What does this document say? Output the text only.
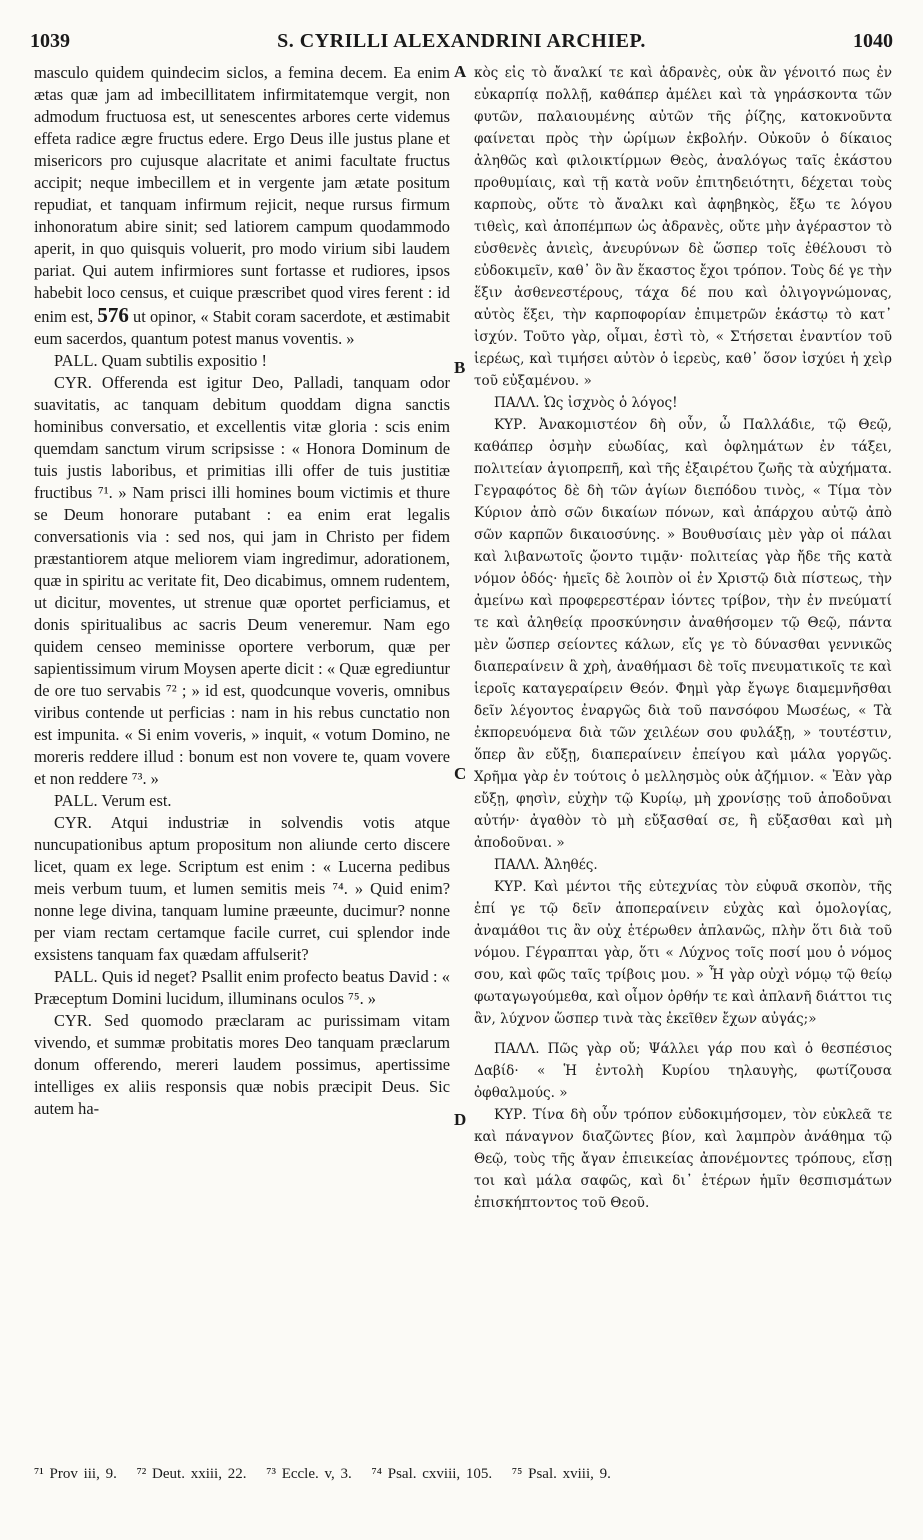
1039	S. CYRILLI ALEXANDRINI ARCHIEP.	1040

masculo quidem quindecim siclos, a femina decem. Ea enim ætas quæ jam ad imbecillitatem infirmitatemque vergit, non admodum fructuosa est, ut senescentes arbores certe videmus effeta radice ægre fructus edere. Ergo Deus ille justus plane et misericors pro cujusque alacritate et animi facultate fructus accipit; neque imbecillem et in vergente jam ætate positum repudiat, et tanquam infirmum rejicit, neque rursus firmum inhonoratum abire sinit; sed latiorem campum quodammodo aperit, in quo quisquis voluerit, pro modo virium sibi laudem pariat. Qui autem infirmiores sunt fortasse et rudiores, ipsos habebit loco census, et cuique præscribet quod vires ferent : id enim est, 576 ut opinor, « Stabit coram sacerdote, et æstimabit eum sacerdos, quantum potest manus voventis. »

PALL. Quam subtilis expositio !

CYR. Offerenda est igitur Deo, Palladi, tanquam odor suavitatis, ac tanquam debitum quoddam digna sanctis hominibus conversatio, et excellentis vitæ gloria : scis enim quemdam sanctum virum scripsisse : « Honora Dominum de tuis justis laboribus, et primitias illi offer de tuis justitiæ fructibus ⁷¹. » Nam prisci illi homines boum victimis et thure se Deum honorare putabant : ea enim erat legalis conversationis via : sed nos, qui jam in Christo per fidem præstantiorem atque meliorem viam ingredimur, adorationem, quæ in spiritu ac veritate fit, Deo dicabimus, omnem rudentem, ut dicitur, moventes, ut strenue quæ oportet perficiamus, et donis spiritualibus ac sacris Deum veneremur. Nam ego quidem censeo meminisse oportere verborum, quæ per sapientissimum virum Moysen aperte dicit : « Quæ egrediuntur de ore tuo servabis ⁷² ; » id est, quodcunque voveris, omnibus viribus contende ut perficias : nam in his rebus cunctatio non est impunita. « Si enim voveris, » inquit, « votum Domino, ne moreris reddere illud : bonum est non vovere te, quam vovere et non reddere ⁷³. »

PALL. Verum est.

CYR. Atqui industriæ in solvendis votis atque nuncupationibus aptum propositum non aliunde certo discere licet, quam ex lege. Scriptum est enim : « Lucerna pedibus meis verbum tuum, et lumen semitis meis ⁷⁴. » Quid enim? nonne lege divina, tanquam lumine præeunte, ducimur? nonne per viam rectam certamque facile curret, cui splendor inde exsistens tanquam fax quædam affulserit?

PALL. Quis id neget? Psallit enim profecto beatus David : « Præceptum Domini lucidum, illuminans oculos ⁷⁵. »

CYR. Sed quomodo præclaram ac purissimam vitam vivendo, et summæ probitatis mores Deo tanquam præclarum donum offerendo, mereri laudem possimus, apertissime intelliges ex aliis responsis quæ nobis præcipit Deus. Sic autem ha-

A
B
C
D

κὸς εἰς τὸ ἄναλκί τε καὶ ἀδρανὲς, οὐκ ἂν γένοιτό πως ἐν εὐκαρπίᾳ πολλῇ, καθάπερ ἀμέλει καὶ τὰ γηράσκοντα τῶν φυτῶν, παλαιουμένης αὐτῶν τῆς ῥίζης, κατοκνοῦντα φαίνεται πρὸς τὴν ὡρίμων ἐκβολήν. Οὐκοῦν ὁ δίκαιος ἀληθῶς καὶ φιλοικτίρμων Θεὸς, ἀναλόγως ταῖς ἑκάστου προθυμίαις, καὶ τῇ κατὰ νοῦν ἐπιτηδειότητι, δέχεται τοὺς καρποὺς, οὔτε τὸ ἄναλκι καὶ ἀφηβηκὸς, ἔξω τε λόγου τιθεὶς, καὶ ἀποπέμπων ὡς ἀδρανὲς, οὔτε μὴν ἀγέραστον τὸ εὐσθενὲς ἀνιεὶς, ἀνευρύνων δὲ ὥσπερ τοῖς ἐθέλουσι τὸ εὐδοκιμεῖν, καθ᾽ ὃν ἂν ἕκαστος ἔχοι τρόπον. Τοὺς δέ γε τὴν ἕξιν ἀσθενεστέρους, τάχα δέ που καὶ ὀλιγογνώμονας, αὐτὸς ἕξει, τὴν καρποφορίαν ἐπιμετρῶν ἑκάστῳ τὸ κατ᾽ ἰσχύν. Τοῦτο γὰρ, οἶμαι, ἐστὶ τὸ, « Στήσεται ἐναντίον τοῦ ἱερέως, καὶ τιμήσει αὐτὸν ὁ ἱερεὺς, καθ᾽ ὅσον ἰσχύει ἡ χεὶρ τοῦ εὐξαμένου. »

ΠΑΛΛ. Ὡς ἰσχνὸς ὁ λόγος!

ΚΥΡ. Ἀνακομιστέον δὴ οὖν, ὦ Παλλάδιε, τῷ Θεῷ, καθάπερ ὀσμὴν εὐωδίας, καὶ ὀφλημάτων ἐν τάξει, πολιτείαν ἁγιοπρεπῆ, καὶ τῆς ἐξαιρέτου ζωῆς τὰ αὐχήματα. Γεγραφότος δὲ δὴ τῶν ἁγίων διεπόδου τινὸς, « Τίμα τὸν Κύριον ἀπὸ σῶν δικαίων πόνων, καὶ ἀπάρχου αὐτῷ ἀπὸ σῶν καρπῶν δικαιοσύνης. » Βουθυσίαις μὲν γὰρ οἱ πάλαι καὶ λιβανωτοῖς ᾤοντο τιμᾷν· πολιτείας γὰρ ἤδε τῆς κατὰ νόμον ὁδός· ἡμεῖς δὲ λοιπὸν οἱ ἐν Χριστῷ διὰ πίστεως, τὴν ἀμείνω καὶ προφερεστέραν ἰόντες τρίβον, τὴν ἐν πνεύματί τε καὶ ἀληθείᾳ προσκύνησιν ἀναθήσομεν τῷ Θεῷ, πάντα μὲν ὥσπερ σείοντες κάλων, εἴς γε τὸ δύνασθαι γεννικῶς διαπεραίνειν ἃ χρὴ, ἀναθήμασι δὲ τοῖς πνευματικοῖς τε καὶ ἱεροῖς καταγεραίρειν Θεόν. Φημὶ γὰρ ἔγωγε διαμεμνῆσθαι δεῖν λέγοντος ἐναργῶς διὰ τοῦ πανσόφου Μωσέως, « Τὰ ἐκπορευόμενα διὰ τῶν χειλέων σου φυλάξῃ, » τουτέστιν, ὅπερ ἂν εὔξῃ, διαπεραίνειν ἐπείγου καὶ μάλα γοργῶς. Χρῆμα γὰρ ἐν τούτοις ὁ μελλησμὸς οὐκ ἀζήμιον. « Ἐὰν γὰρ εὔξῃ, φησὶν, εὐχὴν τῷ Κυρίῳ, μὴ χρονίσῃς τοῦ ἀποδοῦναι αὐτήν· ἀγαθὸν τὸ μὴ εὔξασθαί σε, ἢ εὔξασθαι καὶ μὴ ἀποδοῦναι. »

ΠΑΛΛ. Ἀληθές.

ΚΥΡ. Καὶ μέντοι τῆς εὐτεχνίας τὸν εὐφυᾶ σκοπὸν, τῆς ἐπί γε τῷ δεῖν ἀποπεραίνειν εὐχὰς καὶ ὁμολογίας, ἀναμάθοι τις ἂν οὐχ ἑτέρωθεν ἀπλανῶς, πλὴν ὅτι διὰ τοῦ νόμου. Γέγραπται γὰρ, ὅτι « Λύχνος τοῖς ποσί μου ὁ νόμος σου, καὶ φῶς ταῖς τρίβοις μου. » Ἦ γὰρ οὐχὶ νόμῳ τῷ θείῳ φωταγωγούμεθα, καὶ οἶμον ὀρθήν τε καὶ ἀπλανῆ διάττοι τις ἂν, λύχνον ὥσπερ τινὰ τὰς ἐκεῖθεν ἔχων αὐγάς;»

ΠΑΛΛ. Πῶς γὰρ οὔ; Ψάλλει γάρ που καὶ ὁ θεσπέσιος Δαβίδ· « Ἡ ἐντολὴ Κυρίου τηλαυγὴς, φωτίζουσα ὀφθαλμούς. »

ΚΥΡ. Τίνα δὴ οὖν τρόπον εὐδοκιμήσομεν, τὸν εὐκλεᾶ τε καὶ πάναγνον διαζῶντες βίον, καὶ λαμπρὸν ἀνάθημα τῷ Θεῷ, τοὺς τῆς ἄγαν ἐπιεικείας ἀπονέμοντες τρόπους, εἴσῃ τοι καὶ μάλα σαφῶς, καὶ δι᾽ ἑτέρων ἡμῖν θεσπισμάτων ἐπισκήπτοντος τοῦ Θεοῦ.

⁷¹ Prov iii, 9. ⁷² Deut. xxiii, 22. ⁷³ Eccle. v, 3. ⁷⁴ Psal. cxviii, 105. ⁷⁵ Psal. xviii, 9.
